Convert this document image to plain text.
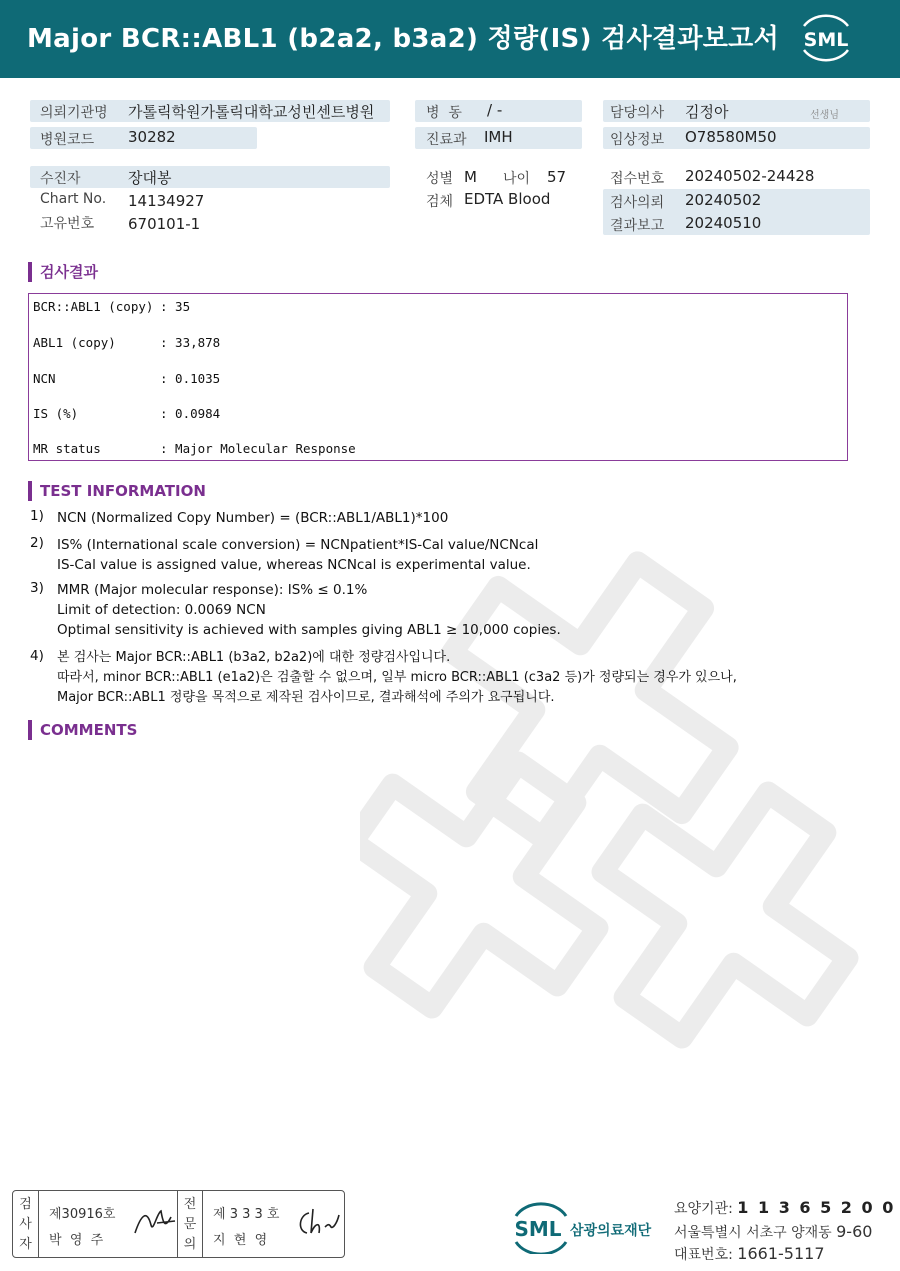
Major BCR::ABL1 (b2a2, b3a2) 정량(IS) 검사결과보고서 SML
의뢰기관명 가톨릭학원가톨릭대학교성빈센트병원
병원코드 30282
병  동 / -
진료과 IMH
담당의사 김정아	선생님
임상정보 O78580M50
수진자	장대봉
Chart No. 14134927
고유번호 670101-1
성별 M 나이 57
검체 EDTA Blood
접수번호 20240502-24428
검사의뢰 20240502
결과보고 20240510
검사결과
BCR::ABL1 (copy) : 35
ABL1 (copy)	: 33,878
NCN	: 0.1035
IS (%)	: 0.0984
MR status	: Major Molecular Response
TEST INFORMATION
1) NCN (Normalized Copy Number) = (BCR::ABL1/ABL1)*100
2) IS% (International scale conversion) = NCNpatient*IS-Cal value/NCNcal
IS-Cal value is assigned value, whereas NCNcal is experimental value.
3) MMR (Major molecular response): IS% ≤ 0.1%
Limit of detection: 0.0069 NCN
Optimal sensitivity is achieved with samples giving ABL1 ≥ 10,000 copies.
4) 본 검사는 Major BCR::ABL1 (b3a2, b2a2)에 대한 정량검사입니다.
따라서, minor BCR::ABL1 (e1a2)은 검출할 수 없으며, 일부 micro BCR::ABL1 (c3a2 등)가 정량되는 경우가 있으나,
Major BCR::ABL1 정량을 목적으로 제작된 검사이므로, 결과해석에 주의가 요구됩니다.
COMMENTS
검
사
자
제30916호
박  영  주
전
문
의
제 3 3 3 호
지  현  영	SML 삼광의료재단
요양기관: 1 1 3 6 5 2 0 0
서울특별시 서초구 양재동 9-60
대표번호: 1661-5117
